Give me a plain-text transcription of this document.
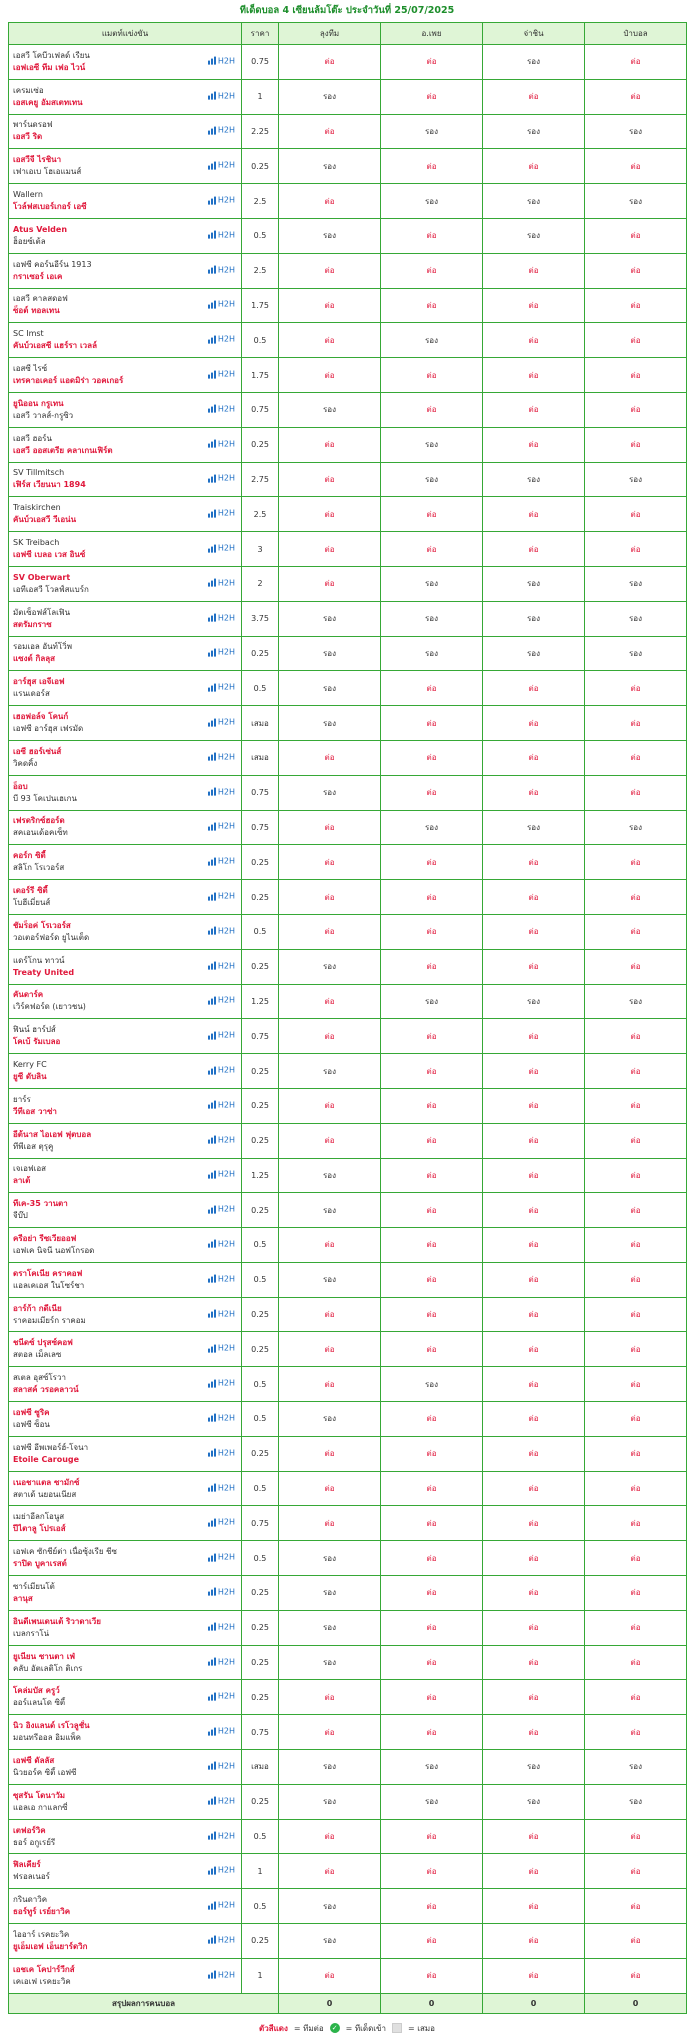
ทีเด็ดบอล 4 เซียนล้มโต๊ะ ประจำวันที่ 25/07/2025
แมตท์แข่งขัน	ราคา	ลุงทีม	อ.เพย	จ่าชิน	ป๋าบอล

เอสวี โคบีวเฟลด์ เรียน
เอฟเอซี ทีม เฟอ ไวน์
H2H	0.75	ต่อ	ต่อ	รอง	ต่อ

เครมเซ่อ
เอสเคยู อัมสเตทเทน
H2H	1	รอง	ต่อ	ต่อ	ต่อ

พาร์นดรอฟ
เอสวี ริด
H2H	2.25	ต่อ	รอง	รอง	รอง

เอสวีจี ไรชินา
เฟาเอเบ โฮเอแมนส์
H2H	0.25	รอง	ต่อ	ต่อ	ต่อ

Wallern
โวล์ฟสเบอร์เกอร์ เอซี
H2H	2.5	ต่อ	รอง	รอง	รอง

Atus Velden
ฮ็อยซ์เต้ล
H2H	0.5	รอง	ต่อ	รอง	ต่อ

เอฟซี คอร์นอีร์น 1913
กราเซอร์ เอเค
H2H	2.5	ต่อ	ต่อ	ต่อ	ต่อ

เอสวี คาลสดอฟ
ซ็อต์ ทอลเทน
H2H	1.75	ต่อ	ต่อ	ต่อ	ต่อ

SC Imst
คันบ์วเอสซี แฮร์รา เวลล์
H2H	0.5	ต่อ	รอง	ต่อ	ต่อ

เอสซี ไรซ์
เทรคาอเคอร์ แอดมิร่า วอคเกอร์
H2H	1.75	ต่อ	ต่อ	ต่อ	ต่อ

ยูนิออน กรูเทน
เอสวี วาลส์-กรูซิว
H2H	0.75	รอง	ต่อ	ต่อ	ต่อ

เอสวี ฮอร์น
เอสวี ออสเตรีย คลาเกนเฟิร์ต
H2H	0.25	ต่อ	รอง	ต่อ	ต่อ

SV Tillmitsch
เฟิร์ส เวียนนา 1894
H2H	2.75	ต่อ	รอง	รอง	รอง

Traiskirchen
คันบ์วเอสวี วีเอน่น
H2H	2.5	ต่อ	ต่อ	ต่อ	ต่อ

SK Treibach
เอฟซี เบลอ เวส อินซ์
H2H	3	ต่อ	ต่อ	ต่อ	ต่อ

SV Oberwart
เอทีเอสวี โวลฟ์สแบร์ก
H2H	2	ต่อ	รอง	รอง	รอง

มัตเซ็อฟส์โลเฟิน
สตรัมกราซ
H2H	3.75	รอง	รอง	รอง	รอง

รอมเอล อันท์โวิ่พ
แซงต์ กิลลุส
H2H	0.25	รอง	รอง	รอง	รอง

อาร์ฮุส เอจีเอฟ
แรนเดอร์ส
H2H	0.5	รอง	ต่อ	ต่อ	ต่อ

เฮอฟอล์จ โคนก์
เอฟซี อาร์ฮุส เฟรมัด
H2H	เสมอ	รอง	ต่อ	ต่อ	ต่อ

เอซี ฮอร์เซ่นส์
วิคดคิ้ง
H2H	เสมอ	ต่อ	ต่อ	ต่อ	ต่อ

อ็อบ
บี 93 โคเปนเฮเกน
H2H	0.75	รอง	ต่อ	ต่อ	ต่อ

เฟรดริกซ์ฮอร์ด
สคเอนเด้อคเซ็ท
H2H	0.75	ต่อ	รอง	รอง	รอง

คอร์ก ซิตี้
สลิโก โรเวอร์ส
H2H	0.25	ต่อ	ต่อ	ต่อ	ต่อ

เดอร์รี ซิตี้
โบฮีเมี่ยนส์
H2H	0.25	ต่อ	ต่อ	ต่อ	ต่อ

ชัมร็อค่ โรเวอร์ส
วอเตอร์ฟอร์ด ยูไนเต็ด
H2H	0.5	ต่อ	ต่อ	ต่อ	ต่อ

แดร์โกน ทาวน์
Treaty United
H2H	0.25	รอง	ต่อ	ต่อ	ต่อ

คันดาร์ค
เวิร์คฟอร์ด (เยาวชน)
H2H	1.25	ต่อ	รอง	รอง	รอง

ฟินน์ ฮาร์ปส์
โคเบ้ รัมเบลอ
H2H	0.75	ต่อ	ต่อ	ต่อ	ต่อ

Kerry FC
ยูซี ดับลิน
H2H	0.25	รอง	ต่อ	ต่อ	ต่อ

ยาร์ร
วีทีเอส วาซ่า
H2H	0.25	ต่อ	ต่อ	ต่อ	ต่อ

อีต้นาส ไอเอฟ ฟุตบอล
ทีพีเอส ตุรุคู
H2H	0.25	ต่อ	ต่อ	ต่อ	ต่อ

เจเอฟเอส
ลาเต้
H2H	1.25	รอง	ต่อ	ต่อ	ต่อ

ทีเค-35 วานตา
จีบ๊ป
H2H	0.25	รอง	ต่อ	ต่อ	ต่อ

ครีอย่า รีซเวียออฟ
เอฟเค นิจนี นอฟโกรอด
H2H	0.5	ต่อ	ต่อ	ต่อ	ต่อ

ดราโคเนีย คราคอฟ
แอลเคเอส ในโซร์ชา
H2H	0.5	รอง	ต่อ	ต่อ	ต่อ

อาร์ก้า กดีเนีย
ราคอมเมียร์ก ราคอม
H2H	0.25	ต่อ	ต่อ	ต่อ	ต่อ

ชนีดซ์ ปรุสซ์คอฟ
สตอล เม็ลเลซ
H2H	0.25	ต่อ	ต่อ	ต่อ	ต่อ

สเตล อุสซ์โรวา
สลาสค์ วรอคลาวน์
H2H	0.5	ต่อ	รอง	ต่อ	ต่อ

เอฟซี ซูริค
เอฟซี ซ็อน
H2H	0.5	รอง	ต่อ	ต่อ	ต่อ

เอฟซี อีพเพอร์ฮ์-โจนา
Etoile Carouge
H2H	0.25	ต่อ	ต่อ	ต่อ	ต่อ

เนอชาแตล ซามักซ์
สตาเด้ นยอนเนียส
H2H	0.5	ต่อ	ต่อ	ต่อ	ต่อ

เมย่าอีลกโอนูส
ปีไตาลู โปรเอส์
H2H	0.75	ต่อ	ต่อ	ต่อ	ต่อ

เอฟเค ซักชีย์ต่า เนื่อซุ้งเรีย ชีซ
ราปิด บูคาเรสต์
H2H	0.5	รอง	ต่อ	ต่อ	ต่อ

ซาร์เมียนโต้
ลานุส
H2H	0.25	รอง	ต่อ	ต่อ	ต่อ

อินดีเพนเดนเต้ ริวาดาเวีย
เบลกราโน่
H2H	0.25	รอง	ต่อ	ต่อ	ต่อ

ยูเนียน ซานตา เฟ่
คลับ อัตเลติโก ติเกร
H2H	0.25	รอง	ต่อ	ต่อ	ต่อ

โคล่มบัส ครูว์
ออร์แลนโด ซิตี้
H2H	0.25	ต่อ	ต่อ	ต่อ	ต่อ

นิว อิงแลนด์ เรโวลูชั่น
มอนทรีออล อิมแพ็ค
H2H	0.75	ต่อ	ต่อ	ต่อ	ต่อ

เอฟซี ดัลลัส
นิวยอร์ค ซิตี้ เอฟซี
H2H	เสมอ	รอง	รอง	รอง	รอง

ซุสรัน โดนาวัม
แอลเอ กาแลกซี่
H2H	0.25	รอง	รอง	รอง	รอง

เตฟอร์วิค
ธอร์ อกูเรย์รี
H2H	0.5	ต่อ	ต่อ	ต่อ	ต่อ

ฟิลเคียร์
ฟรอลเนอร์
H2H	1	ต่อ	ต่อ	ต่อ	ต่อ

กรินดาวิค
ธอร์ทูร์ เรย์ยาวิค
H2H	0.5	รอง	ต่อ	ต่อ	ต่อ

ไออาร์ เรคยะวิค
ยูเอ็มเอฟ เอ็นยาร์ดวิก
H2H	0.25	รอง	ต่อ	ต่อ	ต่อ

เอชเค โคปาร์วีกส์
เคเอเฟ เรคยะวิค
H2H	1	ต่อ	ต่อ	ต่อ	ต่อ
สรุปผลการคนบอล		0	0	0	0
ตัวสีแดง = ทีมต่อ ✓ = ทีเด็ดเข้า	= เสมอ
